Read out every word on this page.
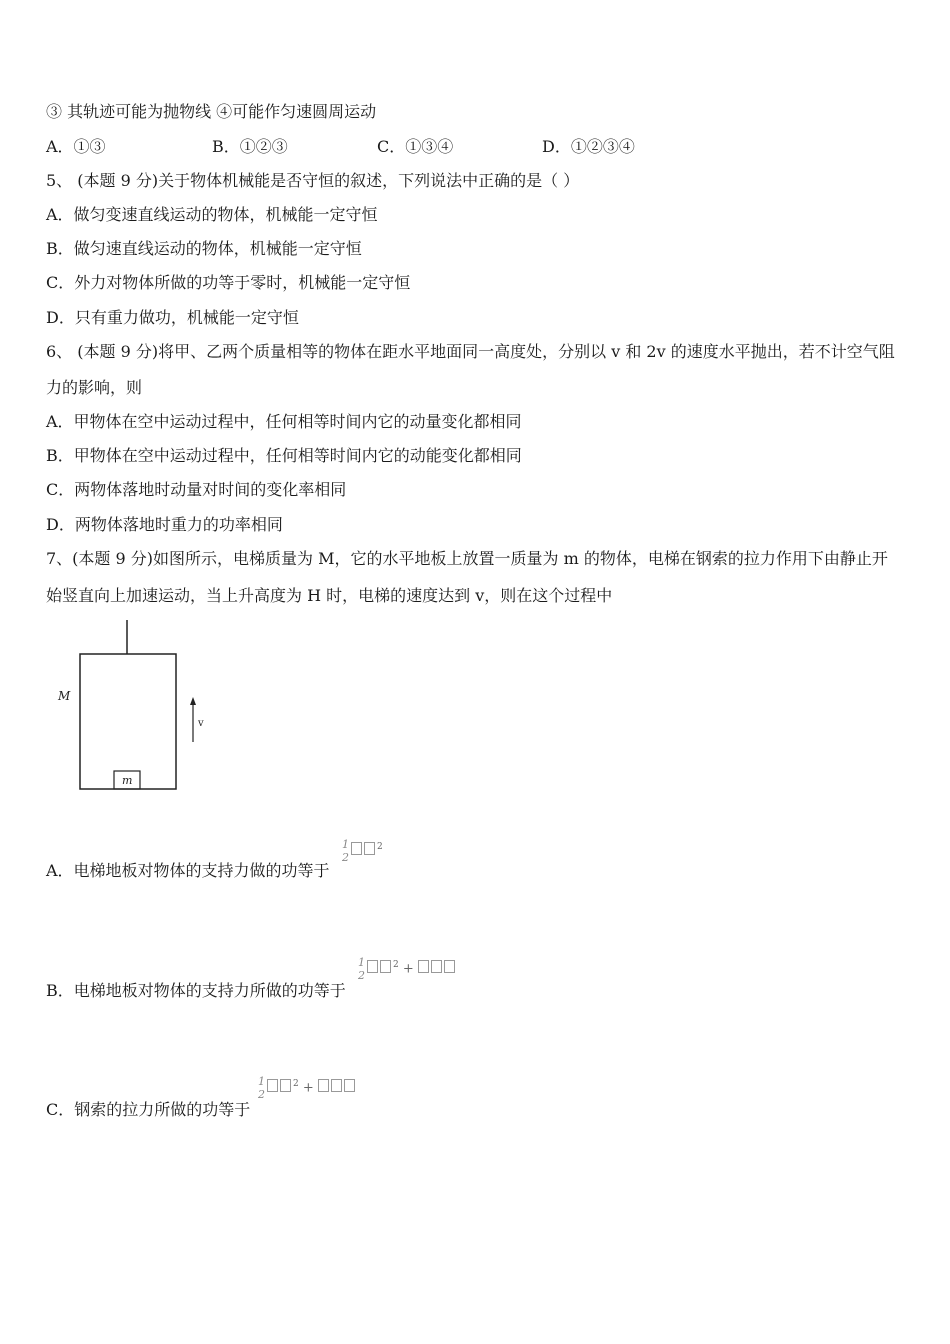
③ 其轨迹可能为抛物线 ④可能作匀速圆周运动
A．①③	B．①②③	C．①③④	D．①②③④
5、 (本题 9 分)关于物体机械能是否守恒的叙述，下列说法中正确的是（ ）
A．做匀变速直线运动的物体，机械能一定守恒
B．做匀速直线运动的物体，机械能一定守恒
C．外力对物体所做的功等于零时，机械能一定守恒
D．只有重力做功，机械能一定守恒
6、 (本题 9 分)将甲、乙两个质量相等的物体在距水平地面同一高度处，分别以 v 和 2v 的速度水平抛出，若不计空气阻
力的影响，则
A．甲物体在空中运动过程中，任何相等时间内它的动量变化都相同
B．甲物体在空中运动过程中，任何相等时间内它的动能变化都相同
C．两物体落地时动量对时间的变化率相同
D．两物体落地时重力的功率相同
7、(本题 9 分)如图所示，电梯质量为 M，它的水平地板上放置一质量为 m 的物体，电梯在钢索的拉力作用下由静止开
始竖直向上加速运动，当上升高度为 H 时，电梯的速度达到 v，则在这个过程中
m
M
v
A．电梯地板对物体的支持力做的功等于
1
2
$^2$
B．电梯地板对物体的支持力所做的功等于
1
2
$^2$ +
C．钢索的拉力所做的功等于
1
2
$^2$ +
